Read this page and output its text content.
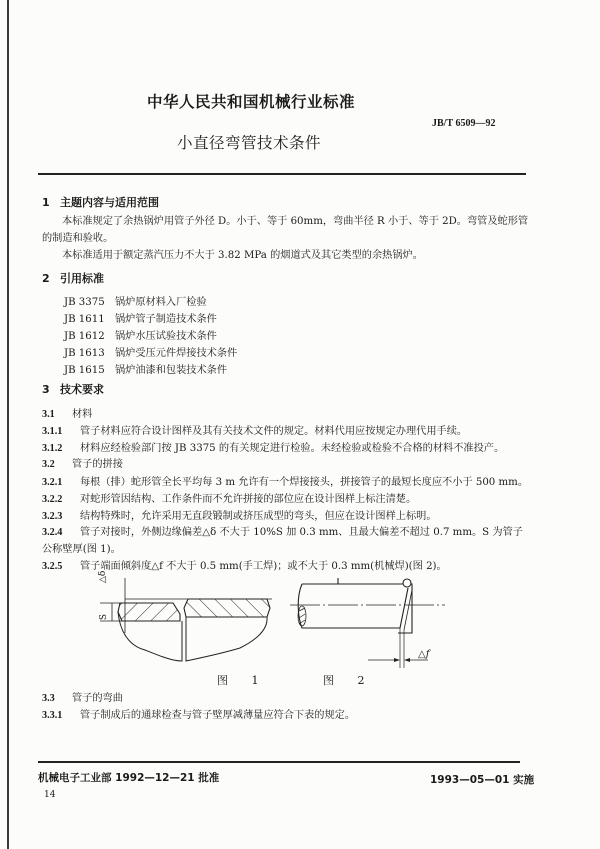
中华人民共和国机械行业标准
JB/T 6509—92
小直径弯管技术条件
1 主题内容与适用范围
本标准规定了余热锅炉用管子外径 D。小于、等于 60mm，弯曲半径 R 小于、等于 2D。弯管及蛇形管
的制造和验收。
本标准适用于额定蒸汽压力不大于 3.82 MPa 的烟道式及其它类型的余热锅炉。
2 引用标准
JB 3375 锅炉原材料入厂检验
JB 1611 锅炉管子制造技术条件
JB 1612 锅炉水压试验技术条件
JB 1613 锅炉受压元件焊接技术条件
JB 1615 锅炉油漆和包装技术条件
3 技术要求
3.1 材料
3.1.1 管子材料应符合设计图样及其有关技术文件的规定。材料代用应按规定办理代用手续。
3.1.2 材料应经检验部门按 JB 3375 的有关规定进行检验。未经检验或检验不合格的材料不准投产。
3.2 管子的拼接
3.2.1 每根（排）蛇形管全长平均每 3 m 允许有一个焊接接头，拼接管子的最短长度应不小于 500 mm。
3.2.2 对蛇形管因结构、工作条件而不允许拼接的部位应在设计图样上标注清楚。
3.2.3 结构特殊时，允许采用无直段锻制或挤压成型的弯头，但应在设计图样上标明。
3.2.4 管子对接时，外侧边缘偏差△δ 不大于 10%S 加 0.3 mm、且最大偏差不超过 0.7 mm。S 为管子
公称壁厚(图 1)。
3.2.5 管子端面倾斜度△f 不大于 0.5 mm(手工焊)；或不大于 0.3 mm(机械焊)(图 2)。
△δ
S
△f
图 1	图 2
3.3 管子的弯曲
3.3.1 管子制成后的通球检查与管子壁厚减薄量应符合下表的规定。
机械电子工业部 1992—12—21 批准	1993—05—01 实施
14
